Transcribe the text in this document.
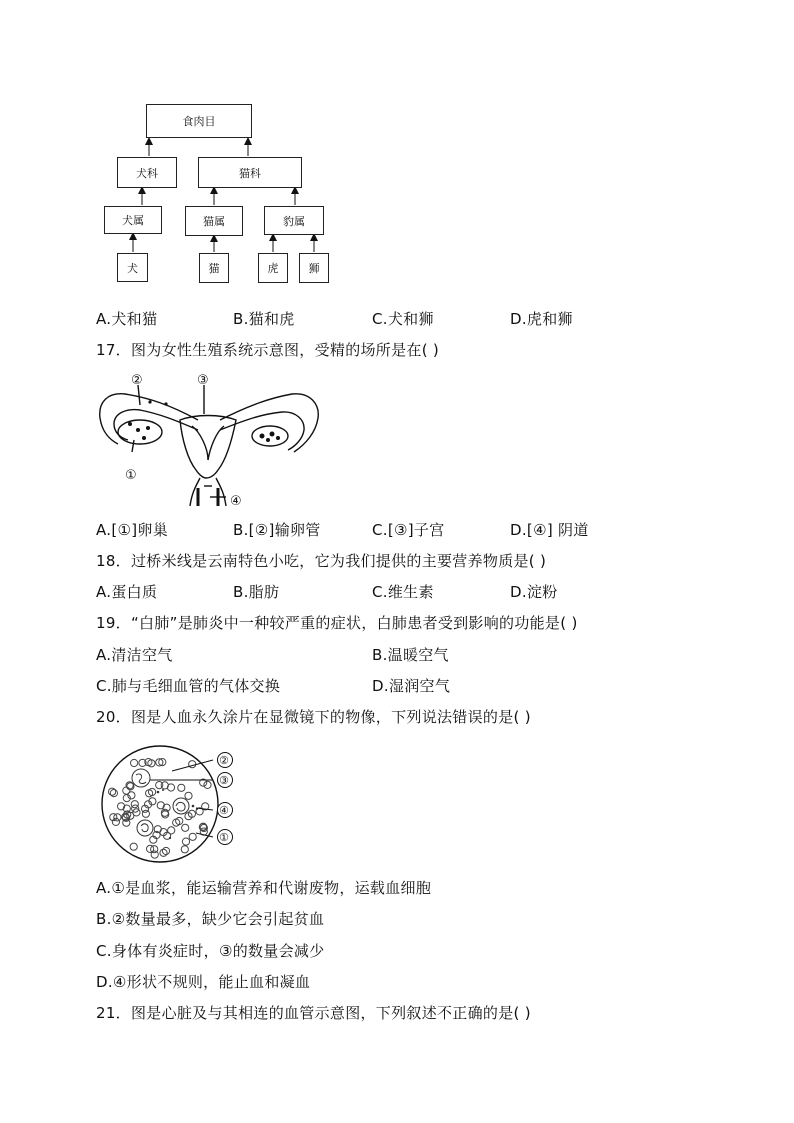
食肉目
犬科	猫科
犬属	猫属	豹属
犬	猫	虎	狮
A.犬和猫	B.猫和虎	C.犬和狮	D.虎和狮
17．图为女性生殖系统示意图，受精的场所是在( )
②	③
①
④
A.[①]卵巢	B.[②]输卵管	C.[③]子宫	D.[④] 阴道
18．过桥米线是云南特色小吃，它为我们提供的主要营养物质是( )
A.蛋白质	B.脂肪	C.维生素	D.淀粉
19．“白肺”是肺炎中一种较严重的症状，白肺患者受到影响的功能是( )
A.清洁空气	B.温暖空气
C.肺与毛细血管的气体交换	D.湿润空气
20．图是人血永久涂片在显微镜下的物像，下列说法错误的是( )
②
③
④
①
A.①是血浆，能运输营养和代谢废物，运载血细胞
B.②数量最多，缺少它会引起贫血
C.身体有炎症时，③的数量会减少
D.④形状不规则，能止血和凝血
21．图是心脏及与其相连的血管示意图，下列叙述不正确的是( )
